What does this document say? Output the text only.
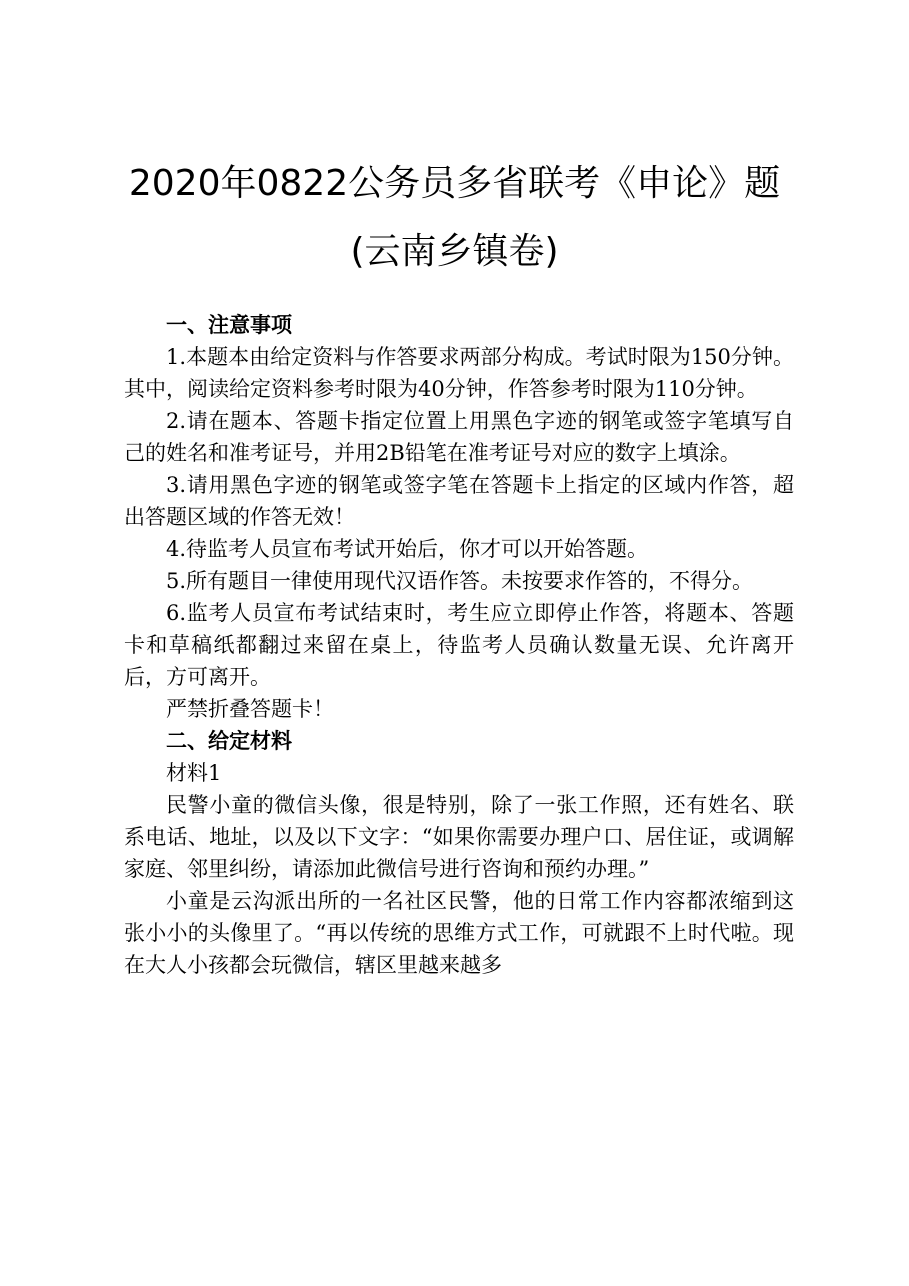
2020年0822公务员多省联考《申论》题
(云南乡镇卷)

一、注意事项

1.本题本由给定资料与作答要求两部分构成。考试时限为150分钟。其中，阅读给定资料参考时限为40分钟，作答参考时限为110分钟。

2.请在题本、答题卡指定位置上用黑色字迹的钢笔或签字笔填写自己的姓名和准考证号，并用2B铅笔在准考证号对应的数字上填涂。

3.请用黑色字迹的钢笔或签字笔在答题卡上指定的区域内作答，超出答题区域的作答无效！

4.待监考人员宣布考试开始后，你才可以开始答题。

5.所有题目一律使用现代汉语作答。未按要求作答的，不得分。

6.监考人员宣布考试结束时，考生应立即停止作答，将题本、答题卡和草稿纸都翻过来留在桌上，待监考人员确认数量无误、允许离开后，方可离开。

严禁折叠答题卡！

二、给定材料

材料1

民警小童的微信头像，很是特别，除了一张工作照，还有姓名、联系电话、地址，以及以下文字：“如果你需要办理户口、居住证，或调解家庭、邻里纠纷，请添加此微信号进行咨询和预约办理。”

小童是云沟派出所的一名社区民警，他的日常工作内容都浓缩到这张小小的头像里了。“再以传统的思维方式工作，可就跟不上时代啦。现在大人小孩都会玩微信，辖区里越来越多
